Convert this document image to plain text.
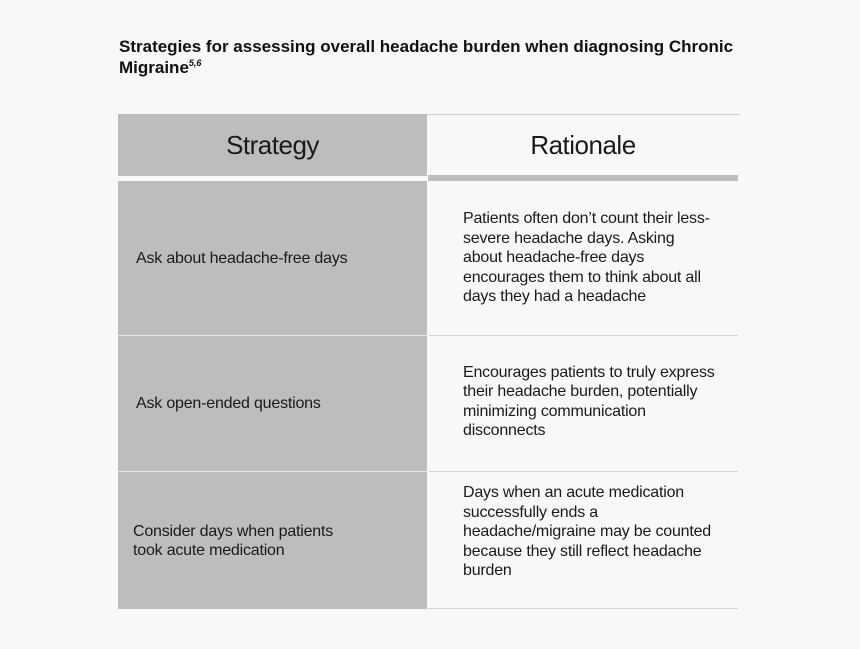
Strategies for assessing overall headache burden when diagnosing Chronic Migraine$^{5,6}$
Strategy	Rationale
Ask about headache-free days
Patients often don’t count their less-severe headache days. Asking about headache-free days encourages them to think about all days they had a headache
Ask open-ended questions
Encourages patients to truly express their headache burden, potentially minimizing communication disconnects
Consider days when patients took acute medication
Days when an acute medication successfully ends a headache/migraine may be counted because they still reflect headache burden
